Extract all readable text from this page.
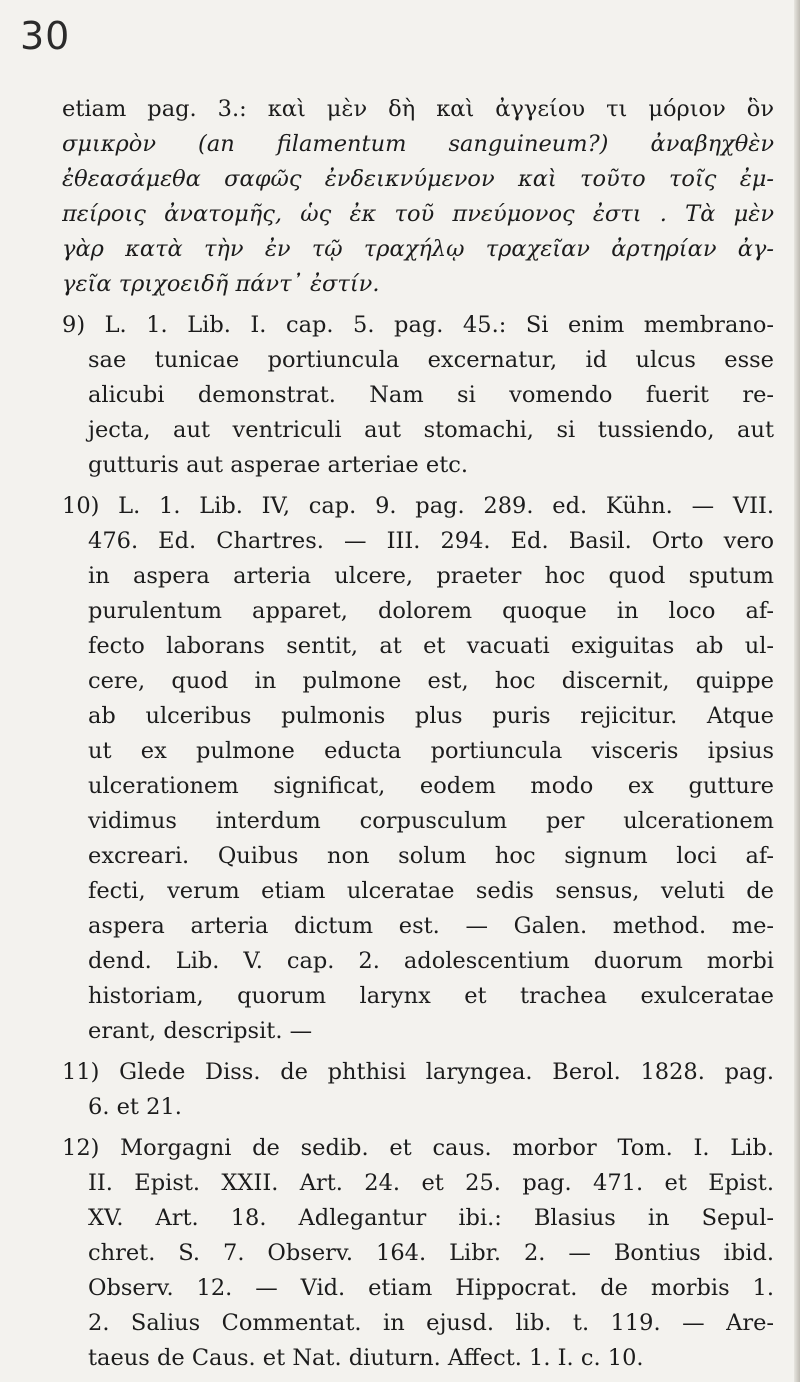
30
etiam pag. 3.: καὶ μὲν δὴ καὶ ἀγγείου τι μόριον ὃν
σμικρὸν (an filamentum sanguineum?) ἀναβηχθὲν
ἐθεασάμεθα σαφῶς ἐνδεικνύμενον καὶ τοῦτο τοῖς ἐμ-
πείροις ἀνατομῆς, ὡς ἐκ τοῦ πνεύμονος ἐστι . Τὰ μὲν
γὰρ κατὰ τὴν ἐν τῷ τραχήλῳ τραχεῖαν ἀρτηρίαν ἀγ-
γεῖα τριχοειδῆ πάντ᾽ ἐστίν.
9) L. 1. Lib. I. cap. 5. pag. 45.: Si enim membrano-
sae tunicae portiuncula excernatur, id ulcus esse
alicubi demonstrat. Nam si vomendo fuerit re-
jecta, aut ventriculi aut stomachi, si tussiendo, aut
gutturis aut asperae arteriae etc.
10) L. 1. Lib. IV, cap. 9. pag. 289. ed. Kühn. — VII.
476. Ed. Chartres. — III. 294. Ed. Basil. Orto vero
in aspera arteria ulcere, praeter hoc quod sputum
purulentum apparet, dolorem quoque in loco af-
fecto laborans sentit, at et vacuati exiguitas ab ul-
cere, quod in pulmone est, hoc discernit, quippe
ab ulceribus pulmonis plus puris rejicitur. Atque
ut ex pulmone educta portiuncula visceris ipsius
ulcerationem significat, eodem modo ex gutture
vidimus interdum corpusculum per ulcerationem
excreari. Quibus non solum hoc signum loci af-
fecti, verum etiam ulceratae sedis sensus, veluti de
aspera arteria dictum est. — Galen. method. me-
dend. Lib. V. cap. 2. adolescentium duorum morbi
historiam, quorum larynx et trachea exulceratae
erant, descripsit. —
11) Glede Diss. de phthisi laryngea. Berol. 1828. pag.
6. et 21.
12) Morgagni de sedib. et caus. morbor Tom. I. Lib.
II. Epist. XXII. Art. 24. et 25. pag. 471. et Epist.
XV. Art. 18. Adlegantur ibi.: Blasius in Sepul-
chret. S. 7. Observ. 164. Libr. 2. — Bontius ibid.
Observ. 12. — Vid. etiam Hippocrat. de morbis 1.
2. Salius Commentat. in ejusd. lib. t. 119. — Are-
taeus de Caus. et Nat. diuturn. Affect. 1. I. c. 10.
